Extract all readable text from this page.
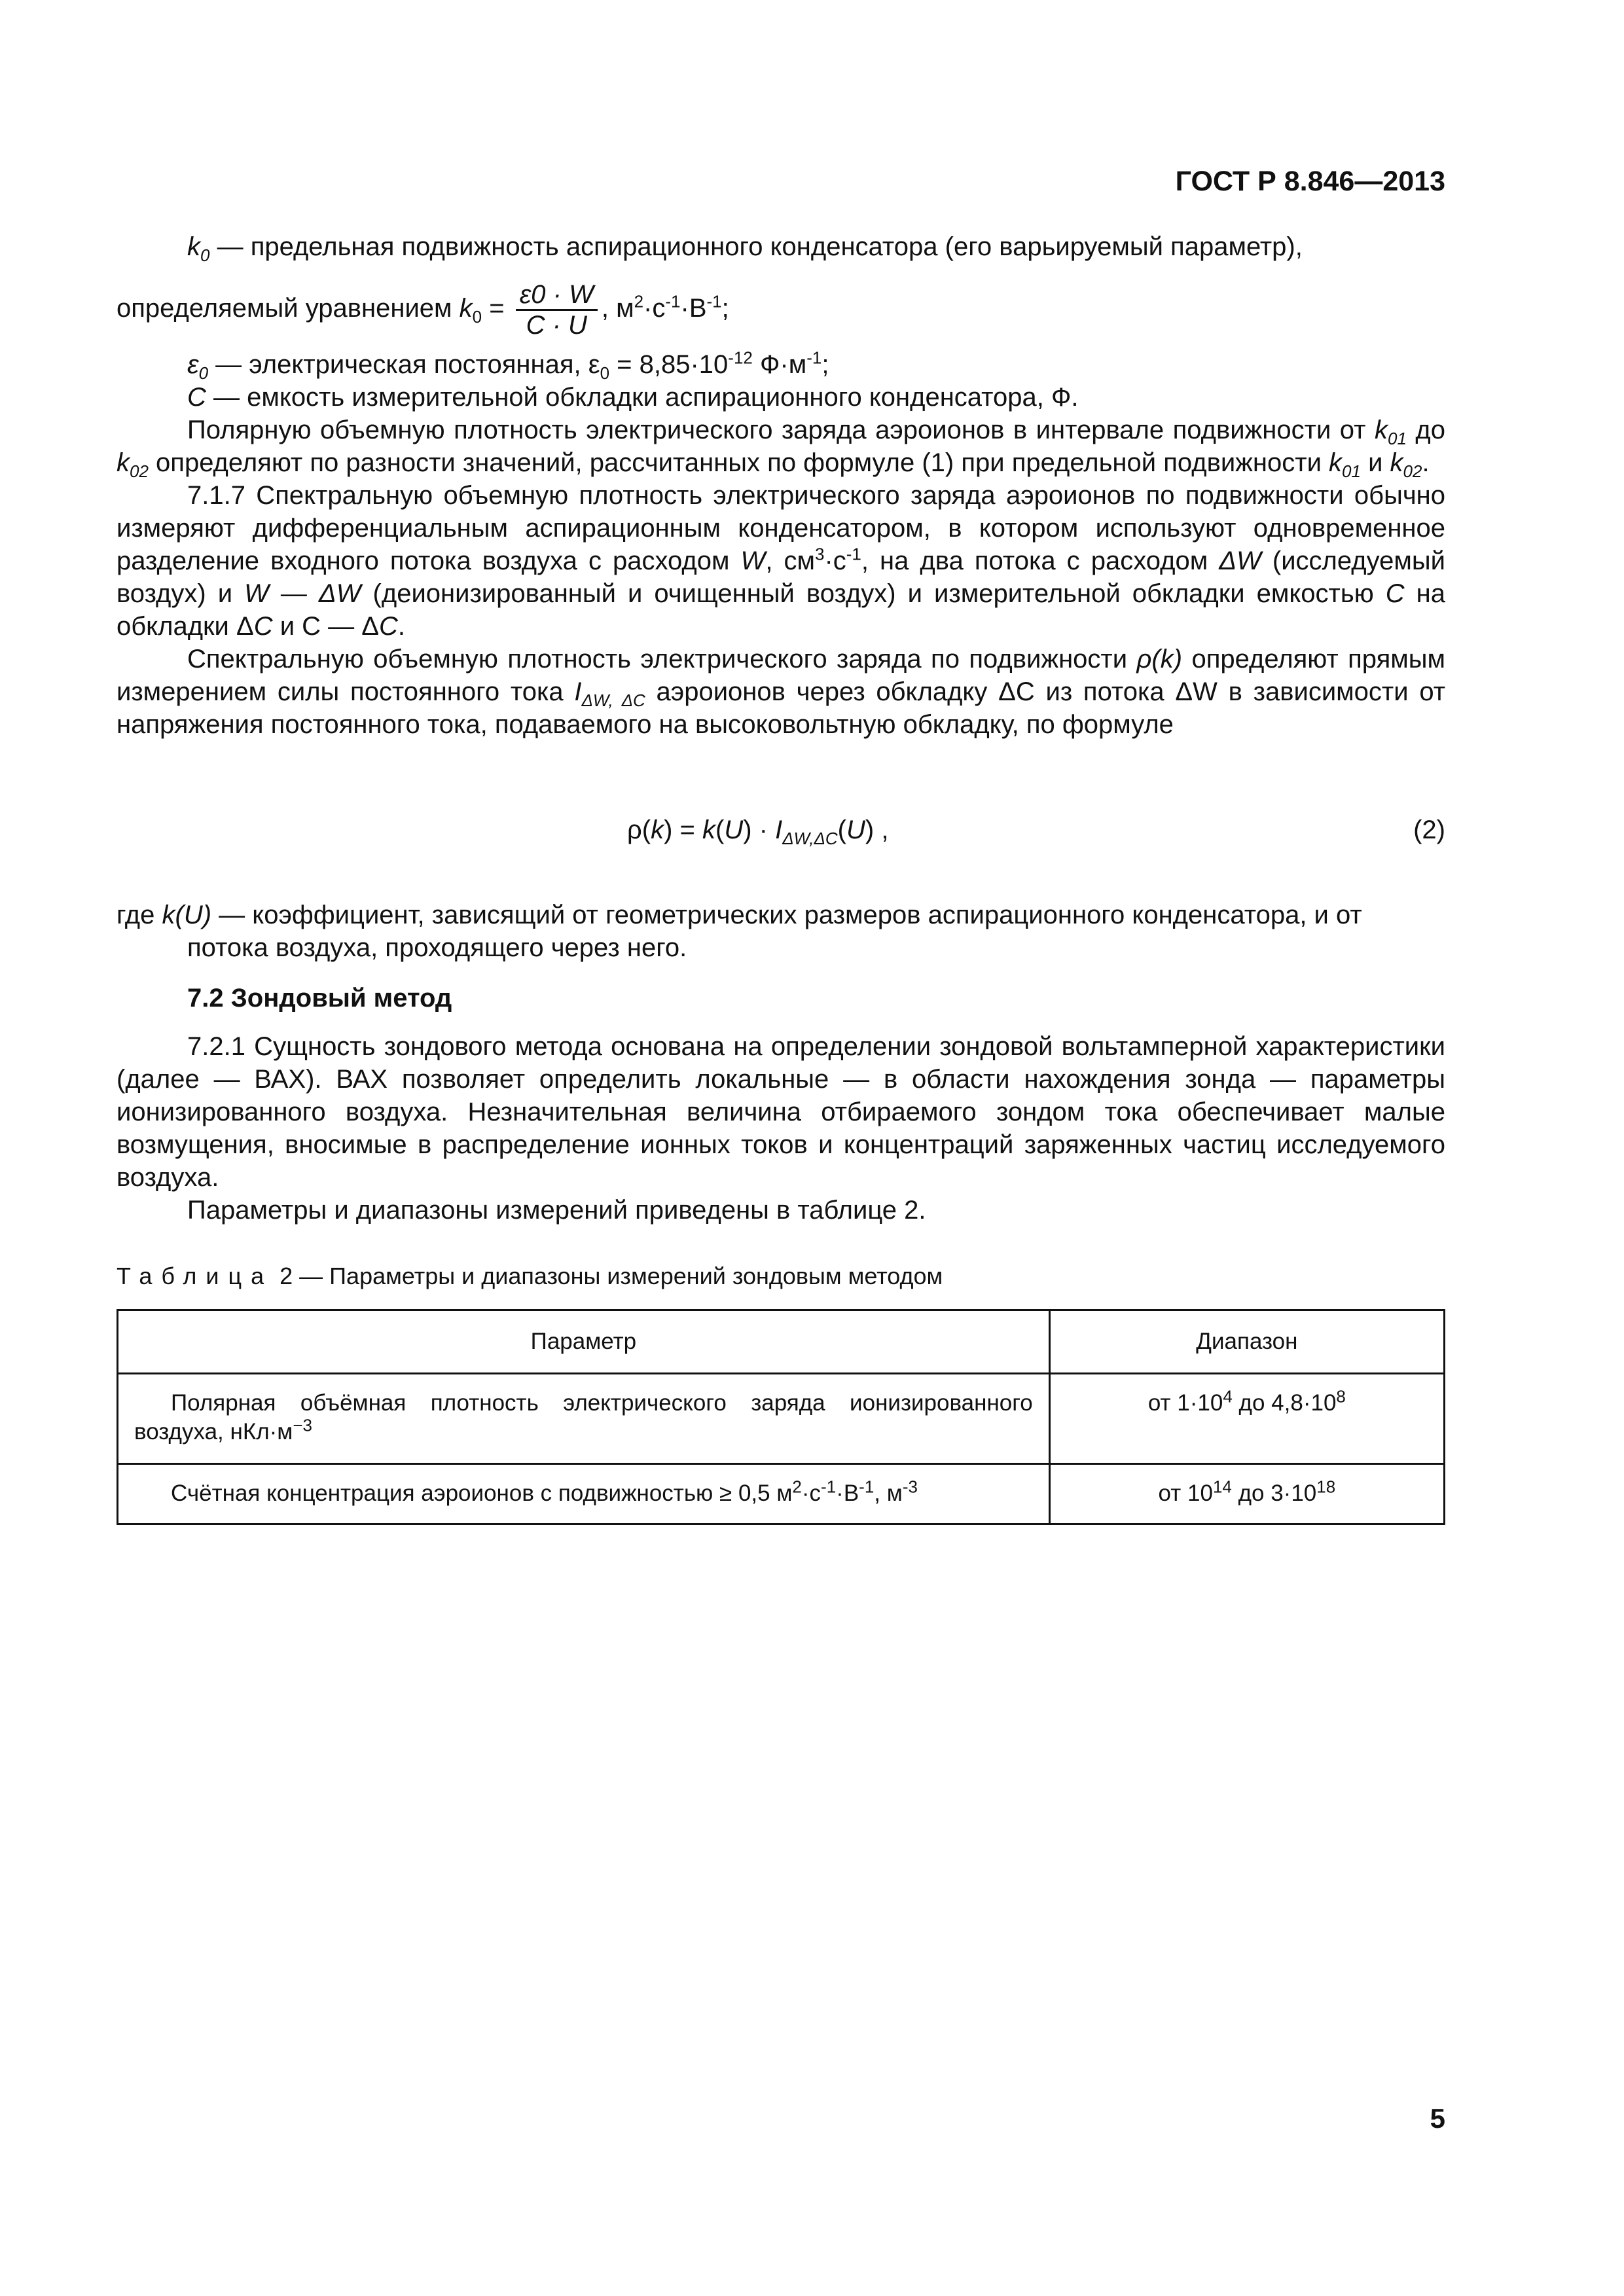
ГОСТ Р 8.846—2013

$k_0$ — предельная подвижность аспирационного конденсатора (его варьируемый параметр),

определяемый уравнением $k_0 = \frac{\varepsilon 0 \cdot W}{C \cdot U}$ , $м^2\cdot с^{-1}\cdot В^{-1}$;

$\varepsilon_0$ — электрическая постоянная, $\varepsilon_0 = 8,85\cdot 10^{-12}$ $Ф\cdot м^{-1}$;

C — емкость измерительной обкладки аспирационного конденсатора, Ф.

Полярную объемную плотность электрического заряда аэроионов в интервале подвижности от $k_{01}$ до $k_{02}$ определяют по разности значений, рассчитанных по формуле (1) при предельной подвижности $k_{01}$ и $k_{02}$.

7.1.7 Спектральную объемную плотность электрического заряда аэроионов по подвижности обычно измеряют дифференциальным аспирационным конденсатором, в котором используют одновременное разделение входного потока воздуха с расходом W, $см^3\cdot с^{-1}$, на два потока с расходом ΔW (исследуемый воздух) и W — ΔW (деионизированный и очищенный воздух) и измерительной обкладки емкостью C на обкладки ΔC и С — ΔC.

Спектральную объемную плотность электрического заряда по подвижности ρ(k) определяют прямым измерением силы постоянного тока $I_{\Delta W, \Delta C}$ аэроионов через обкладку ΔС из потока ΔW в зависимости от напряжения постоянного тока, подаваемого на высоковольтную обкладку, по формуле

$\rho(k) = k(U) \cdot I_{\Delta W,\Delta C}(U)$ ,	(2)

где k(U) — коэффициент, зависящий от геометрических размеров аспирационного конденсатора, и от

потока воздуха, проходящего через него.

7.2 Зондовый метод

7.2.1 Сущность зондового метода основана на определении зондовой вольтамперной характеристики (далее — ВАХ). ВАХ позволяет определить локальные — в области нахождения зонда — параметры ионизированного воздуха. Незначительная величина отбираемого зондом тока обеспечивает малые возмущения, вносимые в распределение ионных токов и концентраций заряженных частиц исследуемого воздуха.

Параметры и диапазоны измерений приведены в таблице 2.

Таблица 2 — Параметры и диапазоны измерений зондовым методом
Параметр	Диапазон
Полярная объёмная плотность электрического заряда ионизированного воздуха, $нКл\cdot м^{-3}$	от $1\cdot 10^4$ до $4,8\cdot 10^8$
Счётная концентрация аэроионов с подвижностью ≥ 0,5 $м^2\cdot с^{-1}\cdot В^{-1}$, $м^{-3}$	от $10^{14}$ до $3\cdot 10^{18}$
5
